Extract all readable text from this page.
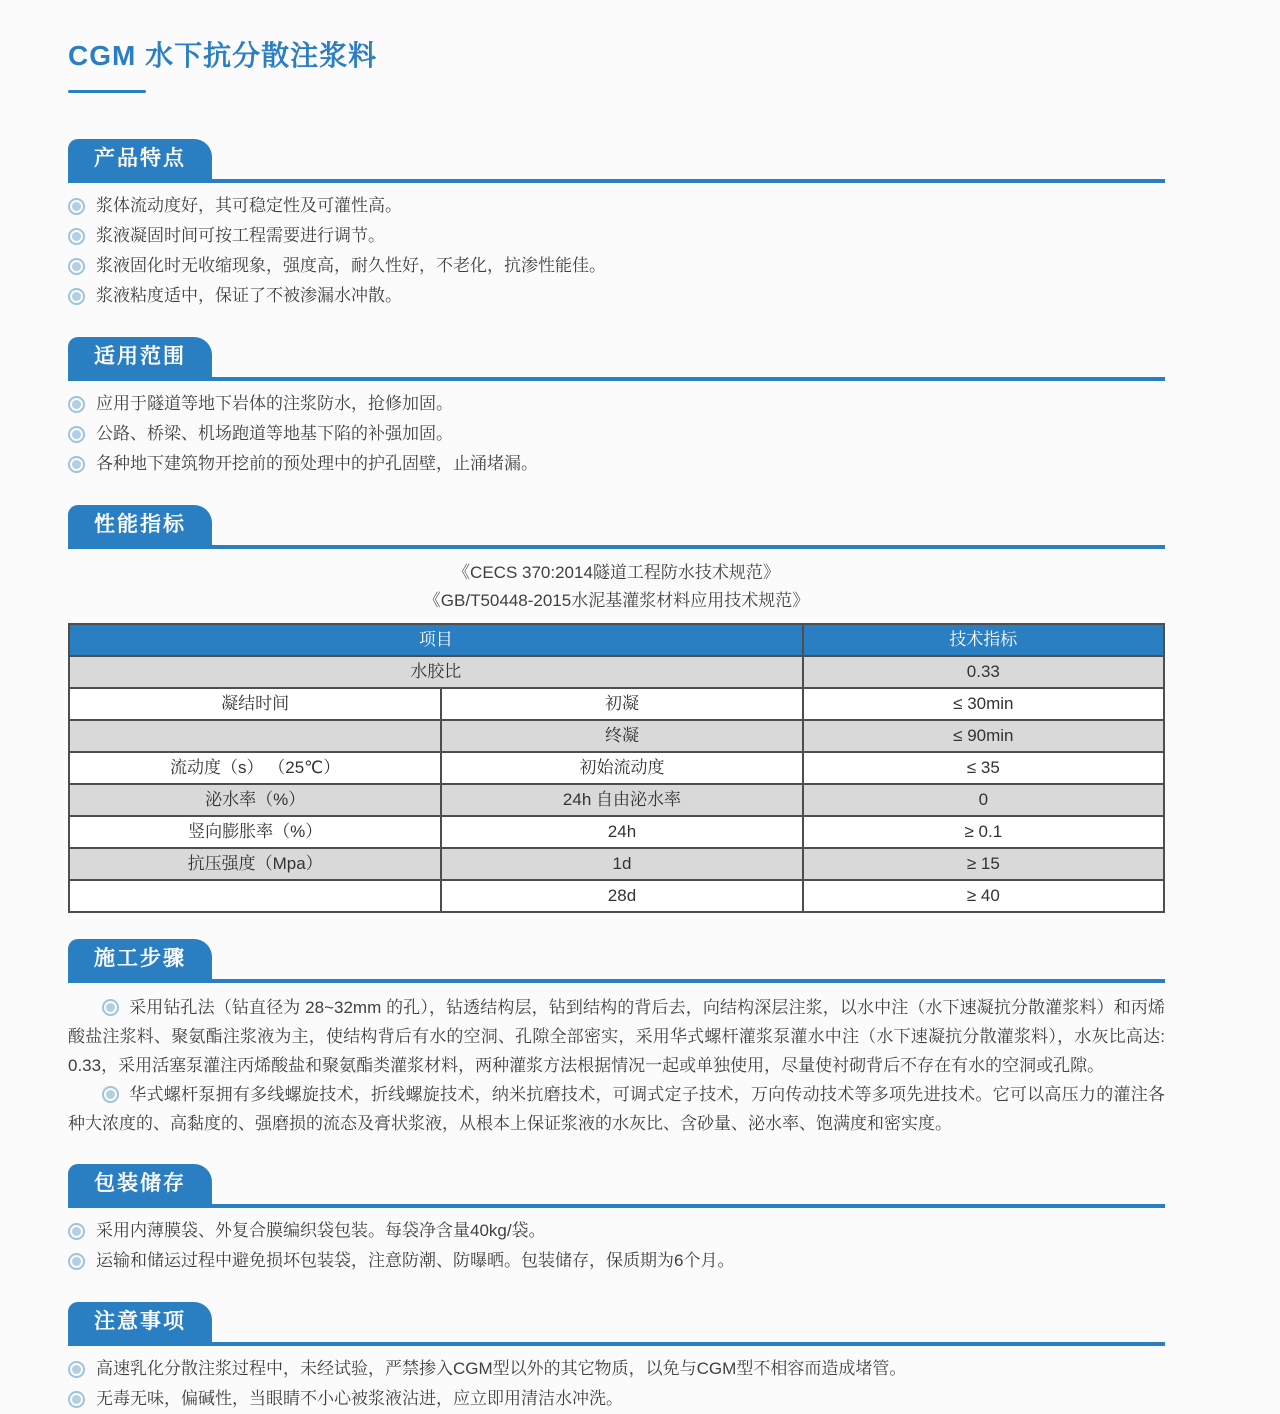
CGM 水下抗分散注浆料
产品特点
浆体流动度好，其可稳定性及可灌性高。
浆液凝固时间可按工程需要进行调节。
浆液固化时无收缩现象，强度高，耐久性好，不老化，抗渗性能佳。
浆液粘度适中，保证了不被渗漏水冲散。
适用范围
应用于隧道等地下岩体的注浆防水，抢修加固。
公路、桥梁、机场跑道等地基下陷的补强加固。
各种地下建筑物开挖前的预处理中的护孔固壁，止涌堵漏。
性能指标

《CECS 370:2014隧道工程防水技术规范》

《GB/T50448-2015水泥基灌浆材料应用技术规范》

项目		技术指标
水胶比		0.33
凝结时间	初凝	≤ 30min
	终凝	≤ 90min
流动度（s） （25℃）	初始流动度	≤ 35
泌水率（%）	24h 自由泌水率	0
竖向膨胀率（%）	24h	≥ 0.1
抗压强度（Mpa）	1d	≥ 15
	28d	≥ 40
施工步骤

采用钻孔法（钻直径为 28~32mm 的孔），钻透结构层，钻到结构的背后去，向结构深层注浆，以水中注（水下速凝抗分散灌浆料）和丙烯酸盐注浆料、聚氨酯注浆液为主，使结构背后有水的空洞、孔隙全部密实，采用华式螺杆灌浆泵灌水中注（水下速凝抗分散灌浆料），水灰比高达: 0.33，采用活塞泵灌注丙烯酸盐和聚氨酯类灌浆材料，两种灌浆方法根据情况一起或单独使用，尽量使衬砌背后不存在有水的空洞或孔隙。

华式螺杆泵拥有多线螺旋技术，折线螺旋技术，纳米抗磨技术，可调式定子技术，万向传动技术等多项先进技术。它可以高压力的灌注各种大浓度的、高黏度的、强磨损的流态及膏状浆液，从根本上保证浆液的水灰比、含砂量、泌水率、饱满度和密实度。

包装储存
采用内薄膜袋、外复合膜编织袋包装。每袋净含量40kg/袋。
运输和储运过程中避免损坏包装袋，注意防潮、防曝晒。包装储存，保质期为6个月。
注意事项
高速乳化分散注浆过程中，未经试验，严禁掺入CGM型以外的其它物质，以免与CGM型不相容而造成堵管。
无毒无味，偏碱性，当眼睛不小心被浆液沾进，应立即用清洁水冲洗。
